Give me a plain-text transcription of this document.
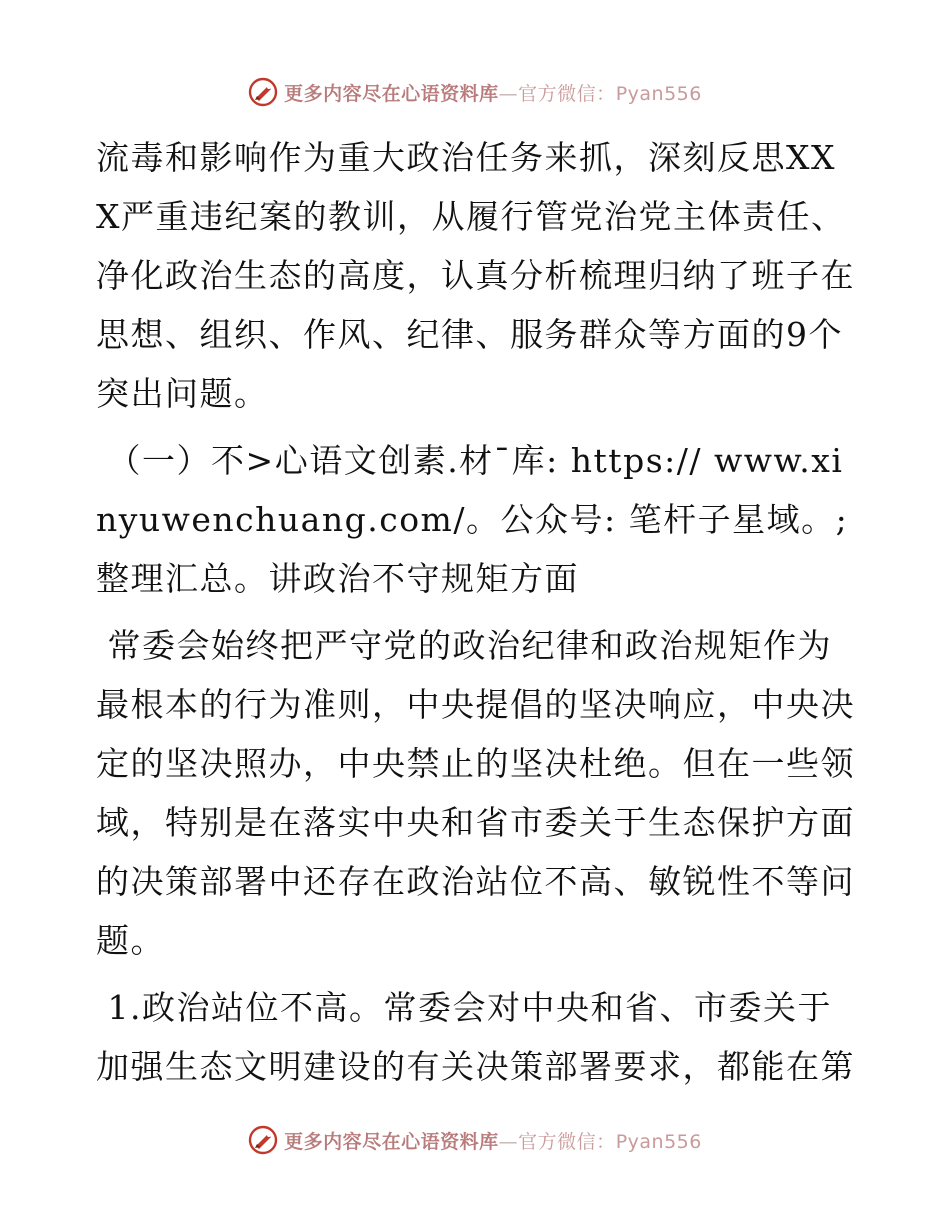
更多内容尽在心语资料库—官方微信：Pyan556

流毒和影响作为重大政治任务来抓，深刻反思XXX严重违纪案的教训，从履行管党治党主体责任、净化政治生态的高度，认真分析梳理归纳了班子在思想、组织、作风、纪律、服务群众等方面的9个突出问题。

（一）不>心语文创素.材¯库: https:// www.xinyuwenchuang.com/。公众号: 笔杆子星域。;整理汇总。讲政治不守规矩方面

常委会始终把严守党的政治纪律和政治规矩作为最根本的行为准则，中央提倡的坚决响应，中央决定的坚决照办，中央禁止的坚决杜绝。但在一些领域，特别是在落实中央和省市委关于生态保护方面的决策部署中还存在政治站位不高、敏锐性不等问题。

1.政治站位不高。常委会对中央和省、市委关于加强生态文明建设的有关决策部署要求，都能在第

更多内容尽在心语资料库—官方微信：Pyan556
